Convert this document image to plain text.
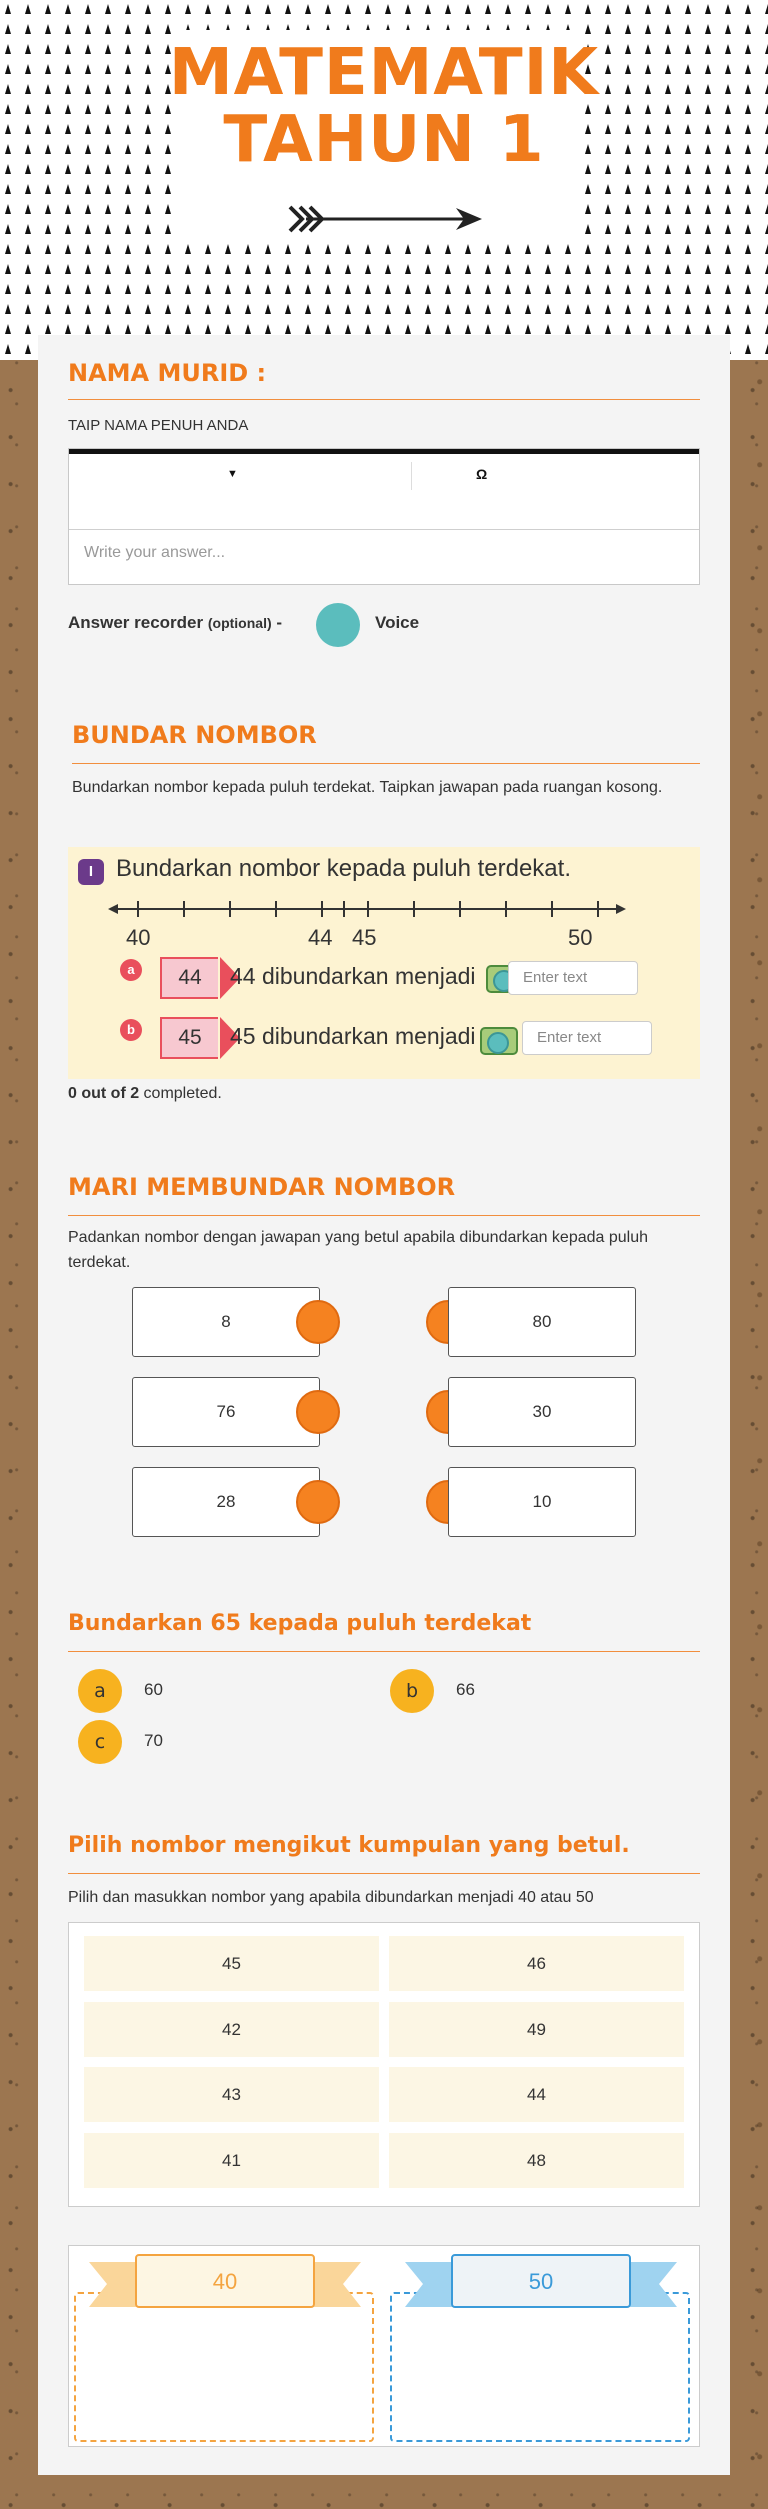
MATEMATIK
TAHUN 1
NAMA MURID :
TAIP NAMA PENUH ANDA
▼	Ω
Write your answer...
Answer recorder (optional) -	Voice
BUNDAR NOMBOR
Bundarkan nombor kepada puluh terdekat. Taipkan jawapan pada ruangan kosong.
I Bundarkan nombor kepada puluh terdekat.
40	44 45	50
a	44	44 dibundarkan menjadi	Enter text
b	45	45 dibundarkan menjadi	Enter text
0 out of 2 completed.
MARI MEMBUNDAR NOMBOR
Padankan nombor dengan jawapan yang betul apabila dibundarkan kepada puluh terdekat.
8	80
76	30
28	10
Bundarkan 65 kepada puluh terdekat
a	60	b	66
c	70
Pilih nombor mengikut kumpulan yang betul.
Pilih dan masukkan nombor yang apabila dibundarkan menjadi 40 atau 50
45	46
42	49
43	44
41	48
40	50
